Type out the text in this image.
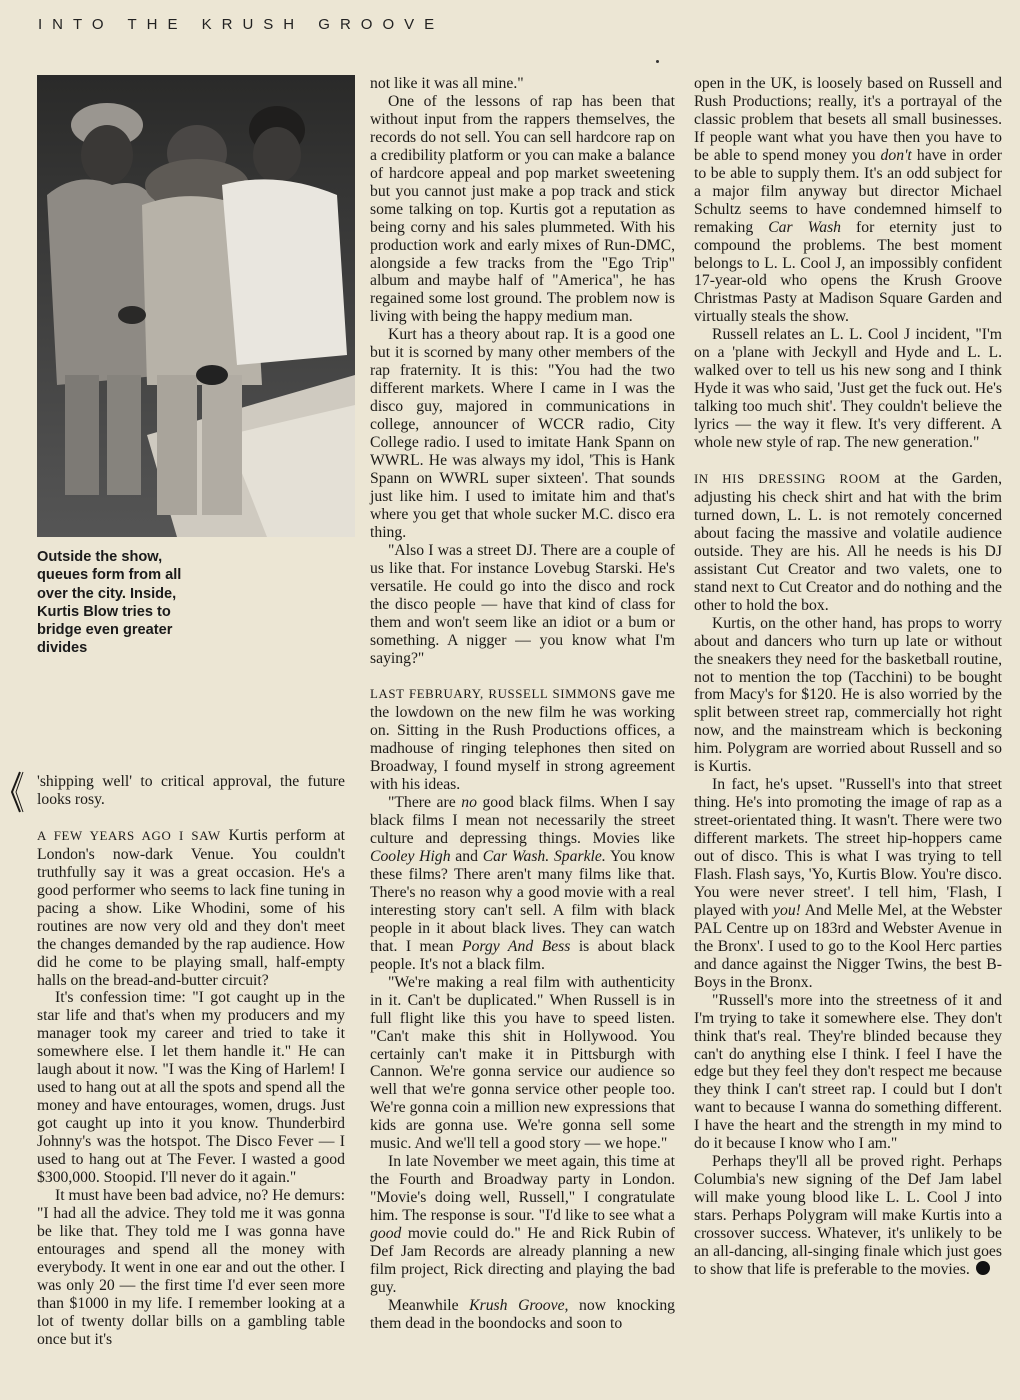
INTO THE KRUSH GROOVE
Outside the show, queues form from all over the city. Inside, Kurtis Blow tries to bridge even greater divides

not like it was all mine."

One of the lessons of rap has been that without input from the rappers themselves, the records do not sell. You can sell hardcore rap on a credibility platform or you can make a balance of hardcore appeal and pop market sweetening but you cannot just make a pop track and stick some talking on top. Kurtis got a reputation as being corny and his sales plummeted. With his production work and early mixes of Run-DMC, alongside a few tracks from the "Ego Trip" album and maybe half of "America", he has regained some lost ground. The problem now is living with being the happy medium man.

Kurt has a theory about rap. It is a good one but it is scorned by many other members of the rap fraternity. It is this: "You had the two different markets. Where I came in I was the disco guy, majored in communications in college, announcer of WCCR radio, City College radio. I used to imitate Hank Spann on WWRL. He was always my idol, 'This is Hank Spann on WWRL super sixteen'. That sounds just like him. I used to imitate him and that's where you get that whole sucker M.C. disco era thing.

"Also I was a street DJ. There are a couple of us like that. For instance Lovebug Starski. He's versatile. He could go into the disco and rock the disco people — have that kind of class for them and won't seem like an idiot or a bum or something. A nigger — you know what I'm saying?"

LAST FEBRUARY, RUSSELL SIMMONS gave me the lowdown on the new film he was working on. Sitting in the Rush Productions offices, a madhouse of ringing telephones then sited on Broadway, I found myself in strong agreement with his ideas.

"There are no good black films. When I say black films I mean not necessarily the street culture and depressing things. Movies like Cooley High and Car Wash. Sparkle. You know these films? There aren't many films like that. There's no reason why a good movie with a real interesting story can't sell. A film with black people in it about black lives. They can watch that. I mean Porgy And Bess is about black people. It's not a black film.

"We're making a real film with authenticity in it. Can't be duplicated." When Russell is in full flight like this you have to speed listen. "Can't make this shit in Hollywood. You certainly can't make it in Pittsburgh with Cannon. We're gonna service our audience so well that we're gonna service other people too. We're gonna coin a million new expressions that kids are gonna use. We're gonna sell some music. And we'll tell a good story — we hope."

In late November we meet again, this time at the Fourth and Broadway party in London. "Movie's doing well, Russell," I congratulate him. The response is sour. "I'd like to see what a good movie could do." He and Rick Rubin of Def Jam Records are already planning a new film project, Rick directing and playing the bad guy.

Meanwhile Krush Groove, now knocking them dead in the boondocks and soon to

open in the UK, is loosely based on Russell and Rush Productions; really, it's a portrayal of the classic problem that besets all small businesses. If people want what you have then you have to be able to spend money you don't have in order to be able to supply them. It's an odd subject for a major film anyway but director Michael Schultz seems to have condemned himself to remaking Car Wash for eternity just to compound the problems. The best moment belongs to L. L. Cool J, an impossibly confident 17-year-old who opens the Krush Groove Christmas Pasty at Madison Square Garden and virtually steals the show.

Russell relates an L. L. Cool J incident, "I'm on a 'plane with Jeckyll and Hyde and L. L. walked over to tell us his new song and I think Hyde it was who said, 'Just get the fuck out. He's talking too much shit'. They couldn't believe the lyrics — the way it flew. It's very different. A whole new style of rap. The new generation."

IN HIS DRESSING ROOM at the Garden, adjusting his check shirt and hat with the brim turned down, L. L. is not remotely concerned about facing the massive and volatile audience outside. They are his. All he needs is his DJ assistant Cut Creator and two valets, one to stand next to Cut Creator and do nothing and the other to hold the box.

Kurtis, on the other hand, has props to worry about and dancers who turn up late or without the sneakers they need for the basketball routine, not to mention the top (Tacchini) to be bought from Macy's for $120. He is also worried by the split between street rap, commercially hot right now, and the mainstream which is beckoning him. Polygram are worried about Russell and so is Kurtis.

In fact, he's upset. "Russell's into that street thing. He's into promoting the image of rap as a street-orientated thing. It wasn't. There were two different markets. The street hip-hoppers came out of disco. This is what I was trying to tell Flash. Flash says, 'Yo, Kurtis Blow. You're disco. You were never street'. I tell him, 'Flash, I played with you! And Melle Mel, at the Webster PAL Centre up on 183rd and Webster Avenue in the Bronx'. I used to go to the Kool Herc parties and dance against the Nigger Twins, the best B-Boys in the Bronx.

"Russell's more into the streetness of it and I'm trying to take it somewhere else. They don't think that's real. They're blinded because they can't do anything else I think. I feel I have the edge but they feel they don't respect me because they think I can't street rap. I could but I don't want to because I wanna do something different. I have the heart and the strength in my mind to do it because I know who I am."

Perhaps they'll all be proved right. Perhaps Columbia's new signing of the Def Jam label will make young blood like L. L. Cool J into stars. Perhaps Polygram will make Kurtis into a crossover success. Whatever, it's unlikely to be an all-dancing, all-singing finale which just goes to show that life is preferable to the movies.

'shipping well' to critical approval, the future looks rosy.

A FEW YEARS AGO I SAW Kurtis perform at London's now-dark Venue. You couldn't truthfully say it was a great occasion. He's a good performer who seems to lack fine tuning in pacing a show. Like Whodini, some of his routines are now very old and they don't meet the changes demanded by the rap audience. How did he come to be playing small, half-empty halls on the bread-and-butter circuit?

It's confession time: "I got caught up in the star life and that's when my producers and my manager took my career and tried to take it somewhere else. I let them handle it." He can laugh about it now. "I was the King of Harlem! I used to hang out at all the spots and spend all the money and have entourages, women, drugs. Just got caught up into it you know. Thunderbird Johnny's was the hotspot. The Disco Fever — I used to hang out at The Fever. I wasted a good $300,000. Stoopid. I'll never do it again."

It must have been bad advice, no? He demurs: "I had all the advice. They told me it was gonna be like that. They told me I was gonna have entourages and spend all the money with everybody. It went in one ear and out the other. I was only 20 — the first time I'd ever seen more than $1000 in my life. I remember looking at a lot of twenty dollar bills on a gambling table once but it's
